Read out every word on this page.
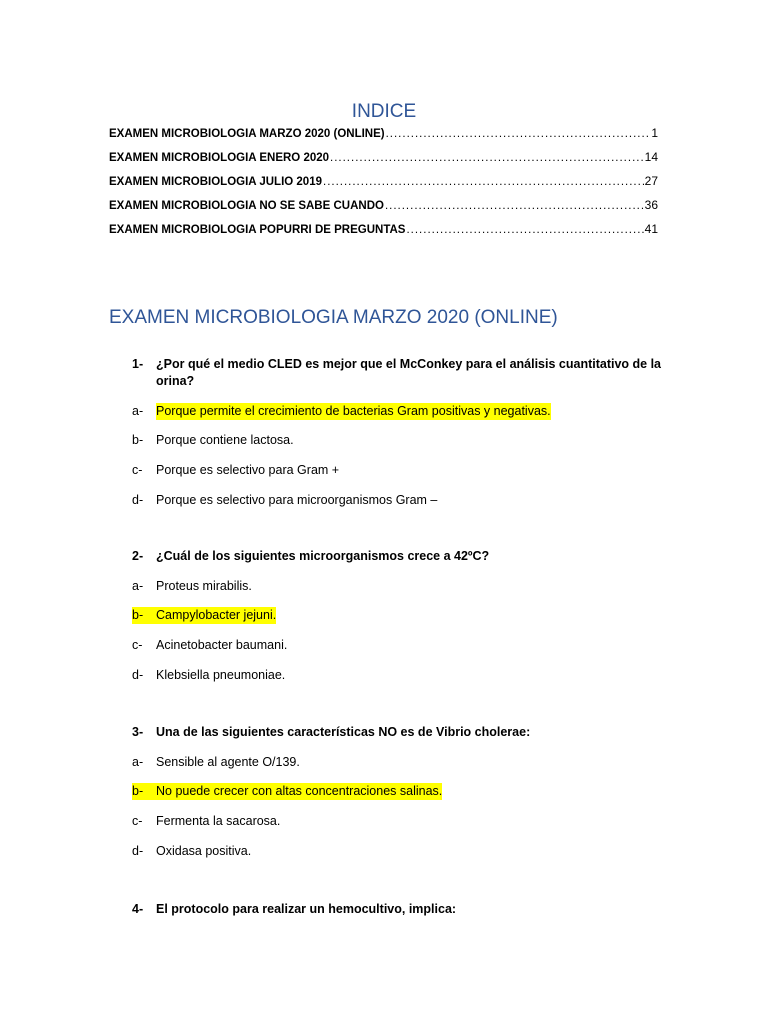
INDICE
EXAMEN MICROBIOLOGIA MARZO 2020 (ONLINE) .....	1
EXAMEN MICROBIOLOGIA ENERO 2020 .....	14
EXAMEN MICROBIOLOGIA JULIO 2019 .....	27
EXAMEN MICROBIOLOGIA NO SE SABE CUANDO .....	36
EXAMEN MICROBIOLOGIA POPURRI DE PREGUNTAS .....	41
EXAMEN MICROBIOLOGIA MARZO 2020 (ONLINE)
1-	¿Por qué el medio CLED es mejor que el McConkey para el análisis cuantitativo de la orina?
a-	Porque permite el crecimiento de bacterias Gram positivas y negativas.
b-	Porque contiene lactosa.
c-	Porque es selectivo para Gram +
d-	Porque es selectivo para microorganismos Gram –
2-	¿Cuál de los siguientes microorganismos crece a 42ºC?
a-	Proteus mirabilis.
b-	Campylobacter jejuni.
c-	Acinetobacter baumani.
d-	Klebsiella pneumoniae.
3-	Una de las siguientes características NO es de Vibrio cholerae:
a-	Sensible al agente O/139.
b-	No puede crecer con altas concentraciones salinas.
c-	Fermenta la sacarosa.
d-	Oxidasa positiva.
4-	El protocolo para realizar un hemocultivo, implica:
